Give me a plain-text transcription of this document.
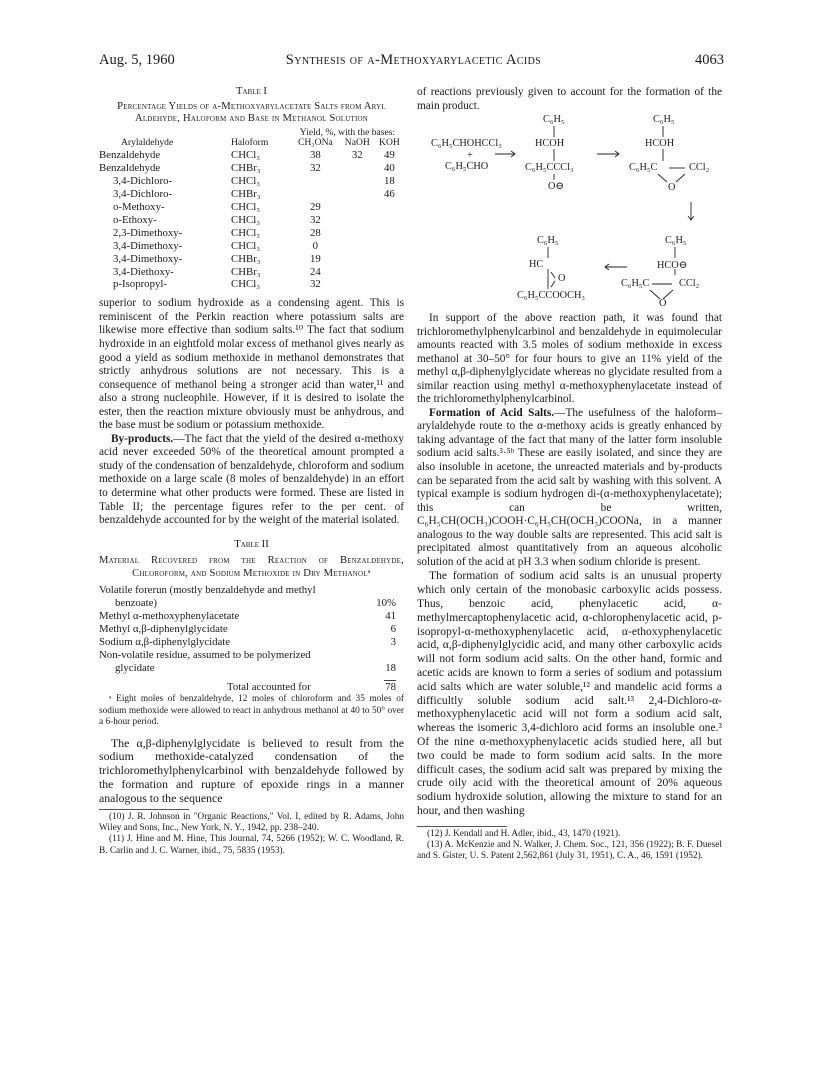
Aug. 5, 1960	Synthesis of α-Methoxyarylacetic Acids	4063
Table I
Percentage Yields of α-Methoxyarylacetate Salts from Aryl Aldehyde, Haloform and Base in Methanol Solution
		Yield, %, with the bases:		
Arylaldehyde	Haloform	CH₃ONa	NaOH	KOH
Benzaldehyde	CHCl₃	38	32	49
Benzaldehyde	CHBr₃	32		40
3,4-Dichloro-	CHCl₃			18
3,4-Dichloro-	CHBr₃			46
o-Methoxy-	CHCl₃	29		
o-Ethoxy-	CHCl₃	32		
2,3-Dimethoxy-	CHCl₃	28		
3,4-Dimethoxy-	CHCl₃	0		
3,4-Dimethoxy-	CHBr₃	19		
3,4-Diethoxy-	CHBr₃	24		
p-Isopropyl-	CHCl₃	32		

superior to sodium hydroxide as a condensing agent. This is reminiscent of the Perkin reaction where potassium salts are likewise more effective than sodium salts.¹⁰ The fact that sodium hydroxide in an eightfold molar excess of methanol gives nearly as good a yield as sodium methoxide in methanol demonstrates that strictly anhydrous solutions are not necessary. This is a consequence of methanol being a stronger acid than water,¹¹ and also a strong nucleophile. However, if it is desired to isolate the ester, then the reaction mixture obviously must be anhydrous, and the base must be sodium or potassium methoxide.

By-products.—The fact that the yield of the desired α-methoxy acid never exceeded 50% of the theoretical amount prompted a study of the condensation of benzaldehyde, chloroform and sodium methoxide on a large scale (8 moles of benzaldehyde) in an effort to determine what other products were formed. These are listed in Table II; the percentage figures refer to the per cent. of benzaldehyde accounted for by the weight of the material isolated.

Table II
Material Recovered from the Reaction of Benzaldehyde, Chloroform, and Sodium Methoxide in Dry Methanolᵃ
Volatile forerun (mostly benzaldehyde and methyl	
benzoate)	10%
Methyl α-methoxyphenylacetate	41
Methyl α,β-diphenylglycidate	6
Sodium α,β-diphenylglycidate	3
Non-volatile residue, assumed to be polymerized	
glycidate	18

Total accounted for	78
ᵃ Eight moles of benzaldehyde, 12 moles of chloroform and 35 moles of sodium methoxide were allowed to react in anhydrous methanol at 40 to 50° over a 6-hour period.

The α,β-diphenylglycidate is believed to result from the sodium methoxide-catalyzed condensation of the trichloromethylphenylcarbinol with benzaldehyde followed by the formation and rupture of epoxide rings in a manner analogous to the sequence

(10) J. R. Johnson in "Organic Reactions," Vol. I, edited by R. Adams, John Wiley and Sons, Inc., New York, N. Y., 1942, pp. 238–240.

(11) J. Hine and M. Hine, This Journal, 74, 5266 (1952); W. C. Woodland, R. B. Carlin and J. C. Warner, ibid., 75, 5835 (1953).

of reactions previously given to account for the formation of the main product.

C₆H₅CHOHCCl₃
+
C₆H₅CHO
C₆H₅
HCOH
C₆H₅CCCl₃
O⊖
C₆H₅
HCOH
C₆H₅C	CCl₂
O
C₆H₅
HC
O
C₆H₅CCOOCH₃
C₆H₅
HCO⊖
C₆H₅C	CCl₂
O

In support of the above reaction path, it was found that trichloromethylphenylcarbinol and benzaldehyde in equimolecular amounts reacted with 3.5 moles of sodium methoxide in excess methanol at 30–50° for four hours to give an 11% yield of the methyl α,β-diphenylglycidate whereas no glycidate resulted from a similar reaction using methyl α-methoxyphenylacetate instead of the trichloromethylphenylcarbinol.

Formation of Acid Salts.—The usefulness of the haloform–arylaldehyde route to the α-methoxy acids is greatly enhanced by taking advantage of the fact that many of the latter form insoluble sodium acid salts.³·⁵ᵇ These are easily isolated, and since they are also insoluble in acetone, the unreacted materials and by-products can be separated from the acid salt by washing with this solvent. A typical example is sodium hydrogen di-(α-methoxyphenylacetate); this can be written, C₆H₅CH(OCH₃)COOH·C₆H₅CH(OCH₃)COONa, in a manner analogous to the way double salts are represented. This acid salt is precipitated almost quantitatively from an aqueous alcoholic solution of the acid at pH 3.3 when sodium chloride is present.

The formation of sodium acid salts is an unusual property which only certain of the monobasic carboxylic acids possess. Thus, benzoic acid, phenylacetic acid, α-methylmercaptophenylacetic acid, α-chlorophenylacetic acid, p-isopropyl-α-methoxyphenylacetic acid, α-ethoxyphenylacetic acid, α,β-diphenylglycidic acid, and many other carboxylic acids will not form sodium acid salts. On the other hand, formic and acetic acids are known to form a series of sodium and potassium acid salts which are water soluble,¹² and mandelic acid forms a difficultly soluble sodium acid salt.¹³ 2,4-Dichloro-α-methoxyphenylacetic acid will not form a sodium acid salt, whereas the isomeric 3,4-dichloro acid forms an insoluble one.³ Of the nine α-methoxyphenylacetic acids studied here, all but two could be made to form sodium acid salts. In the more difficult cases, the sodium acid salt was prepared by mixing the crude oily acid with the theoretical amount of 20% aqueous sodium hydroxide solution, allowing the mixture to stand for an hour, and then washing

(12) J. Kendall and H. Adler, ibid., 43, 1470 (1921).

(13) A. McKenzie and N. Walker, J. Chem. Soc., 121, 356 (1922); B. F. Duesel and S. Gister, U. S. Patent 2,562,861 (July 31, 1951), C. A., 46, 1591 (1952).
